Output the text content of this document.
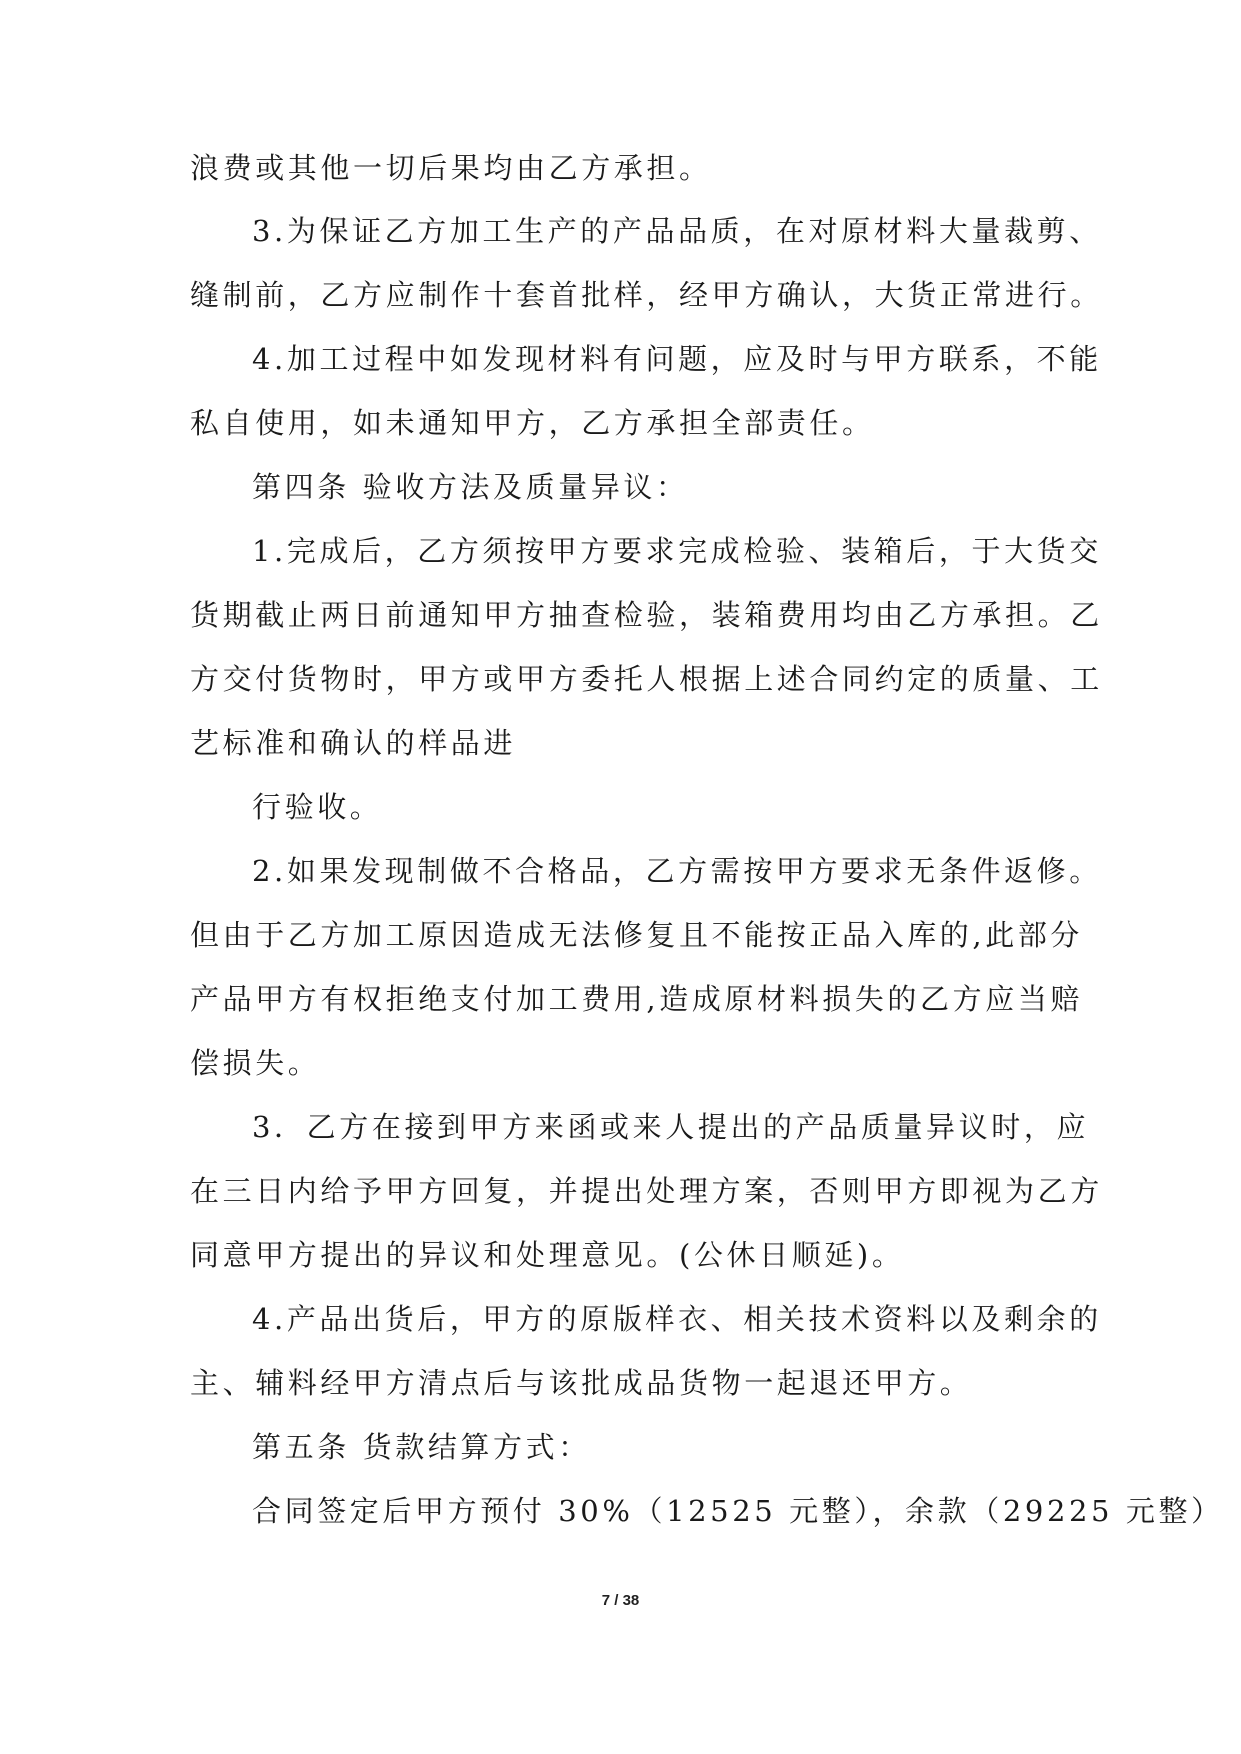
浪费或其他一切后果均由乙方承担。
3.为保证乙方加工生产的产品品质，在对原材料大量裁剪、
缝制前，乙方应制作十套首批样，经甲方确认，大货正常进行。
4.加工过程中如发现材料有问题，应及时与甲方联系，不能
私自使用，如未通知甲方，乙方承担全部责任。
第四条 验收方法及质量异议：
1.完成后，乙方须按甲方要求完成检验、装箱后，于大货交
货期截止两日前通知甲方抽查检验，装箱费用均由乙方承担。乙
方交付货物时，甲方或甲方委托人根据上述合同约定的质量、工
艺标准和确认的样品进
行验收。
2.如果发现制做不合格品，乙方需按甲方要求无条件返修。
但由于乙方加工原因造成无法修复且不能按正品入库的,此部分
产品甲方有权拒绝支付加工费用,造成原材料损失的乙方应当赔
偿损失。
3．乙方在接到甲方来函或来人提出的产品质量异议时，应
在三日内给予甲方回复，并提出处理方案，否则甲方即视为乙方
同意甲方提出的异议和处理意见。(公休日顺延)。
4.产品出货后，甲方的原版样衣、相关技术资料以及剩余的
主、辅料经甲方清点后与该批成品货物一起退还甲方。
第五条 货款结算方式：
合同签定后甲方预付 30%（12525 元整），余款（29225 元整）
7 / 38
